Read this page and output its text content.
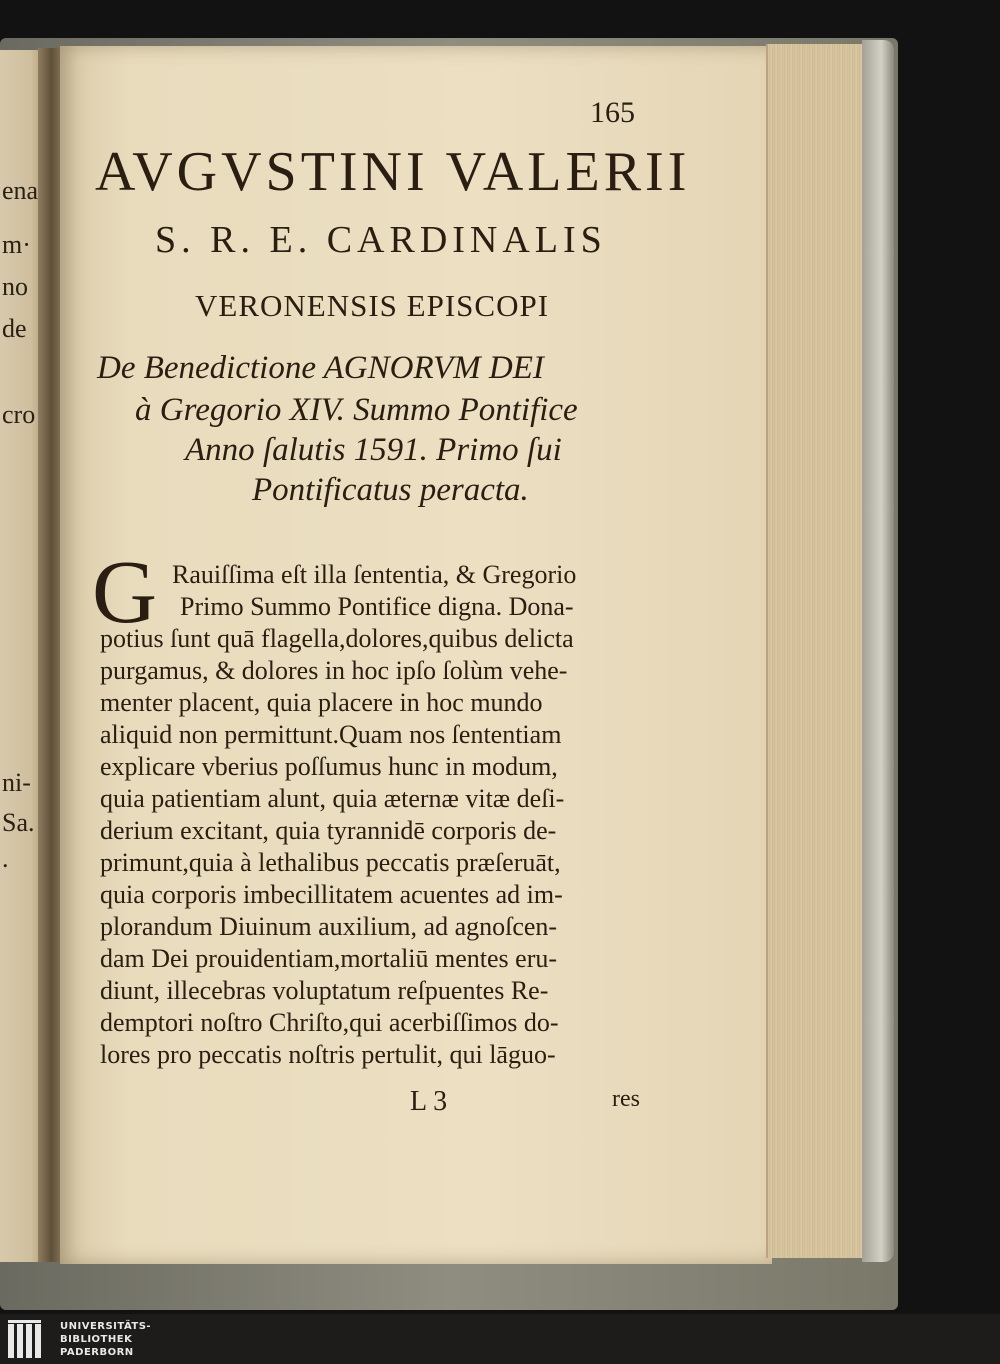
ena
m·
no
de
cro
ni-
Sa.
.
165
AVGVSTINI VALERII
S. R. E. CARDINALIS
VERONENSIS EPISCOPI
De Benedictione AGNORVM DEI
à Gregorio XIV. Summo Pontifice
Anno ſalutis 1591. Primo ſui
Pontificatus peracta.
G Rauiſſima eſt illa ſententia, & Gregorio
Primo Summo Pontifice digna. Dona-
potius ſunt quā flagella,dolores,quibus delicta
purgamus, & dolores in hoc ipſo ſolùm vehe-
menter placent, quia placere in hoc mundo
aliquid non permittunt.Quam nos ſententiam
explicare vberius poſſumus hunc in modum,
quia patientiam alunt, quia æternæ vitæ deſi-
derium excitant, quia tyrannidē corporis de-
primunt,quia à lethalibus peccatis præſeruāt,
quia corporis imbecillitatem acuentes ad im-
plorandum Diuinum auxilium, ad agnoſcen-
dam Dei prouidentiam,mortaliū mentes eru-
diunt, illecebras voluptatum reſpuentes Re-
demptori noſtro Chriſto,qui acerbiſſimos do-
lores pro peccatis noſtris pertulit, qui lāguo-
L 3	res
UNIVERSITÄTS-
BIBLIOTHEK
PADERBORN
